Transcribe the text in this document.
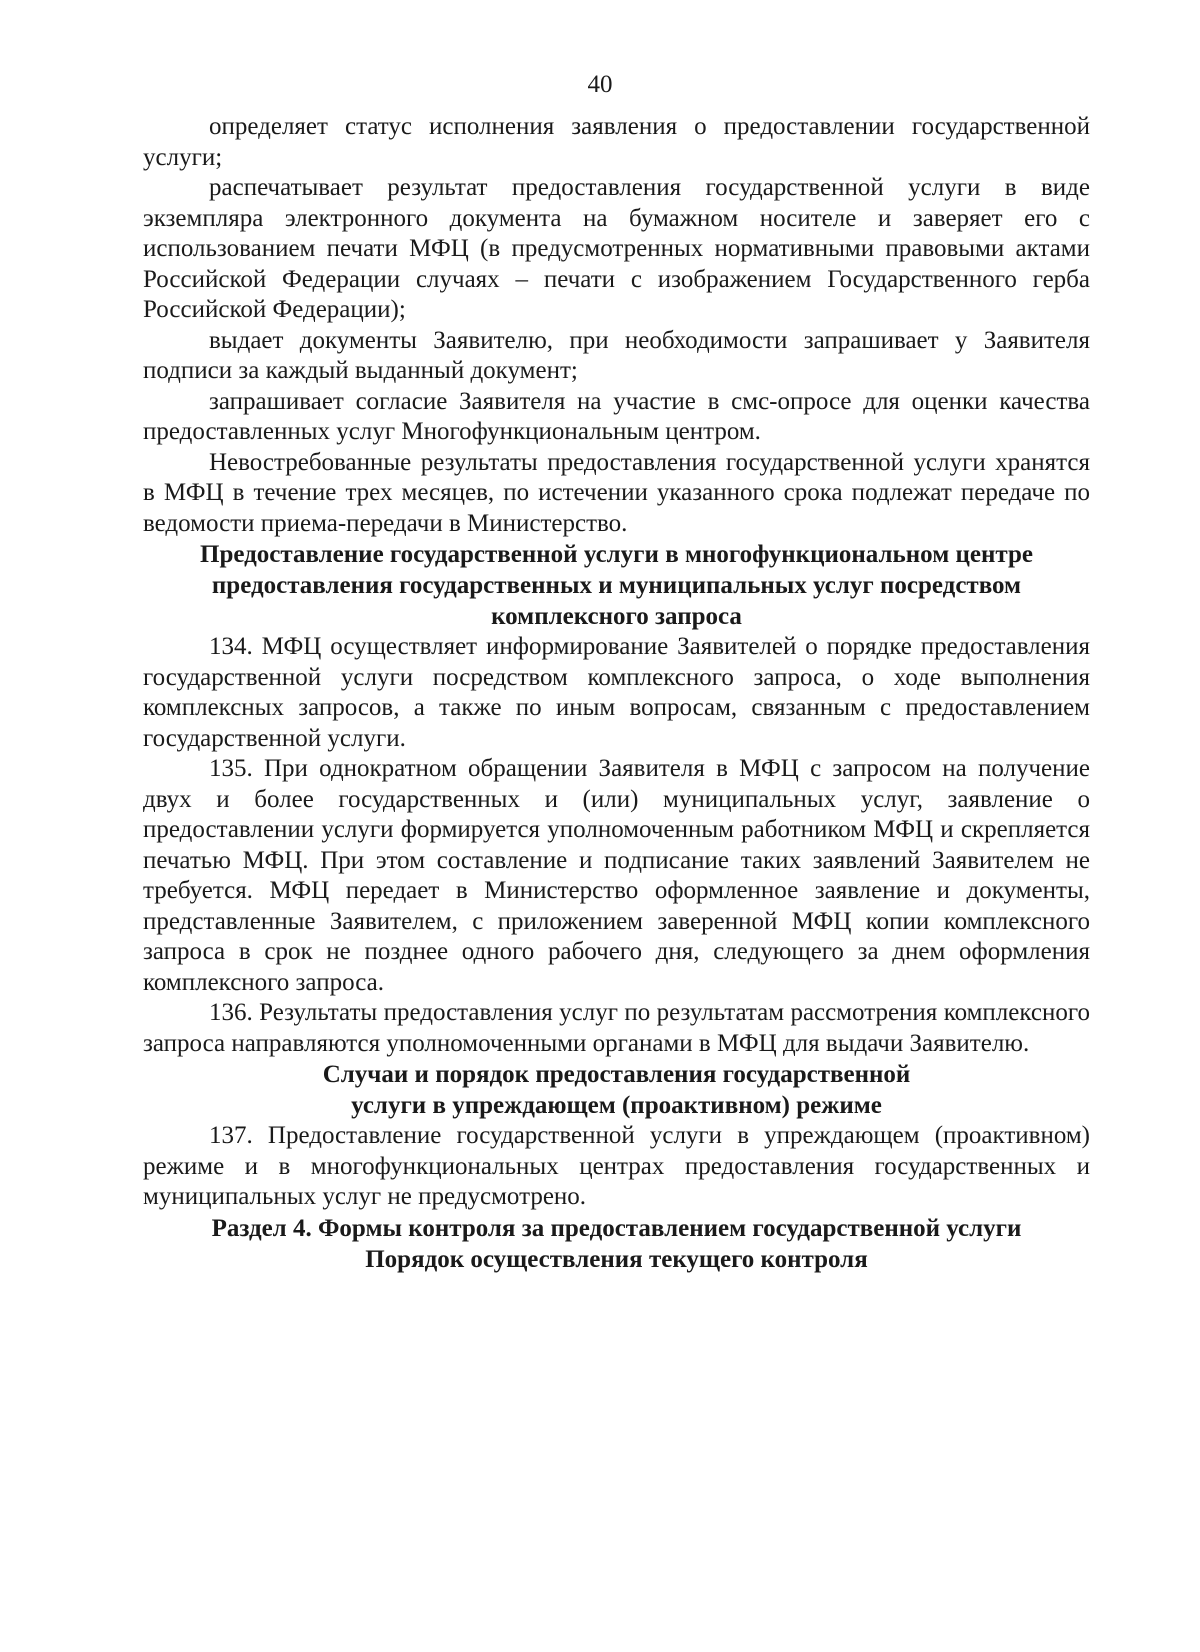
40

определяет статус исполнения заявления о предоставлении государственной услуги;

распечатывает результат предоставления государственной услуги в виде экземпляра электронного документа на бумажном носителе и заверяет его с использованием печати МФЦ (в предусмотренных нормативными правовыми актами Российской Федерации случаях – печати с изображением Государственного герба Российской Федерации);

выдает документы Заявителю, при необходимости запрашивает у Заявителя подписи за каждый выданный документ;

запрашивает согласие Заявителя на участие в смс-опросе для оценки качества предоставленных услуг Многофункциональным центром.

Невостребованные результаты предоставления государственной услуги хранятся в МФЦ в течение трех месяцев, по истечении указанного срока подлежат передаче по ведомости приема-передачи в Министерство.

Предоставление государственной услуги в многофункциональном центре предоставления государственных и муниципальных услуг посредством комплексного запроса

134. МФЦ осуществляет информирование Заявителей о порядке предоставления государственной услуги посредством комплексного запроса, о ходе выполнения комплексных запросов, а также по иным вопросам, связанным с предоставлением государственной услуги.

135. При однократном обращении Заявителя в МФЦ с запросом на получение двух и более государственных и (или) муниципальных услуг, заявление о предоставлении услуги формируется уполномоченным работником МФЦ и скрепляется печатью МФЦ. При этом составление и подписание таких заявлений Заявителем не требуется. МФЦ передает в Министерство оформленное заявление и документы, представленные Заявителем, с приложением заверенной МФЦ копии комплексного запроса в срок не позднее одного рабочего дня, следующего за днем оформления комплексного запроса.

136. Результаты предоставления услуг по результатам рассмотрения комплексного запроса направляются уполномоченными органами в МФЦ для выдачи Заявителю.

Случаи и порядок предоставления государственной услуги в упреждающем (проактивном) режиме

137. Предоставление государственной услуги в упреждающем (проактивном) режиме и в многофункциональных центрах предоставления государственных и муниципальных услуг не предусмотрено.

Раздел 4. Формы контроля за предоставлением государственной услуги
Порядок осуществления текущего контроля
